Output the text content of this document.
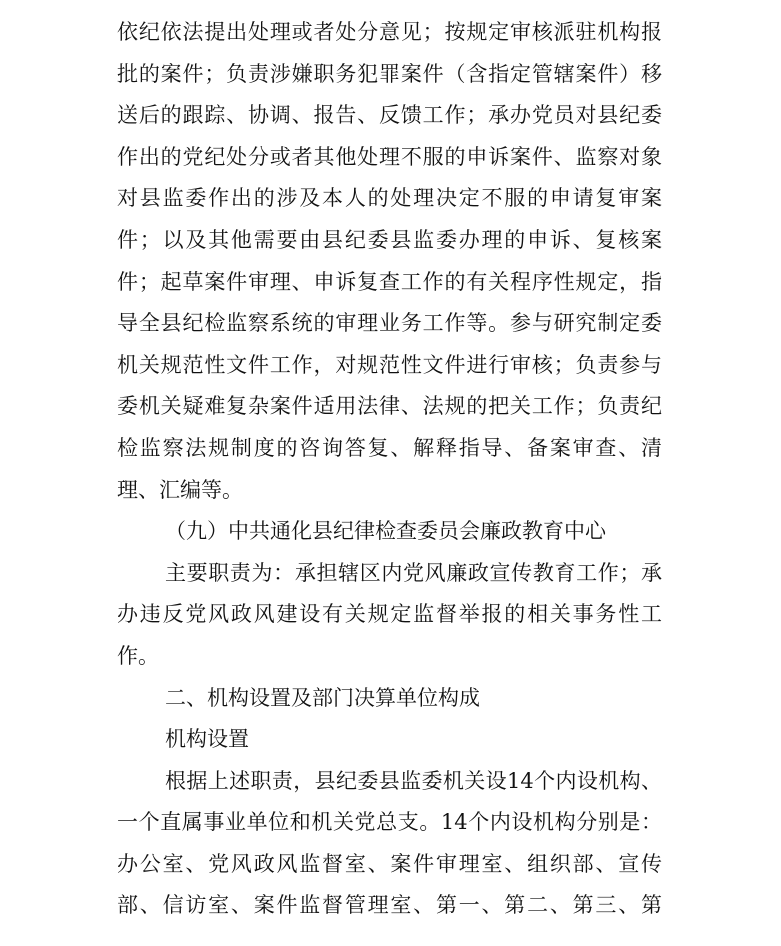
依纪依法提出处理或者处分意见；按规定审核派驻机构报
批的案件；负责涉嫌职务犯罪案件（含指定管辖案件）移
送后的跟踪、协调、报告、反馈工作；承办党员对县纪委
作出的党纪处分或者其他处理不服的申诉案件、监察对象
对县监委作出的涉及本人的处理决定不服的申请复审案
件；以及其他需要由县纪委县监委办理的申诉、复核案
件；起草案件审理、申诉复查工作的有关程序性规定，指
导全县纪检监察系统的审理业务工作等。参与研究制定委
机关规范性文件工作，对规范性文件进行审核；负责参与
委机关疑难复杂案件适用法律、法规的把关工作；负责纪
检监察法规制度的咨询答复、解释指导、备案审查、清
理、汇编等。
（九）中共通化县纪律检查委员会廉政教育中心
主要职责为：承担辖区内党风廉政宣传教育工作；承
办违反党风政风建设有关规定监督举报的相关事务性工
作。
二、机构设置及部门决算单位构成
机构设置
根据上述职责，县纪委县监委机关设14个内设机构、
一个直属事业单位和机关党总支。14个内设机构分别是：
办公室、党风政风监督室、案件审理室、组织部、宣传
部、信访室、案件监督管理室、第一、第二、第三、第
